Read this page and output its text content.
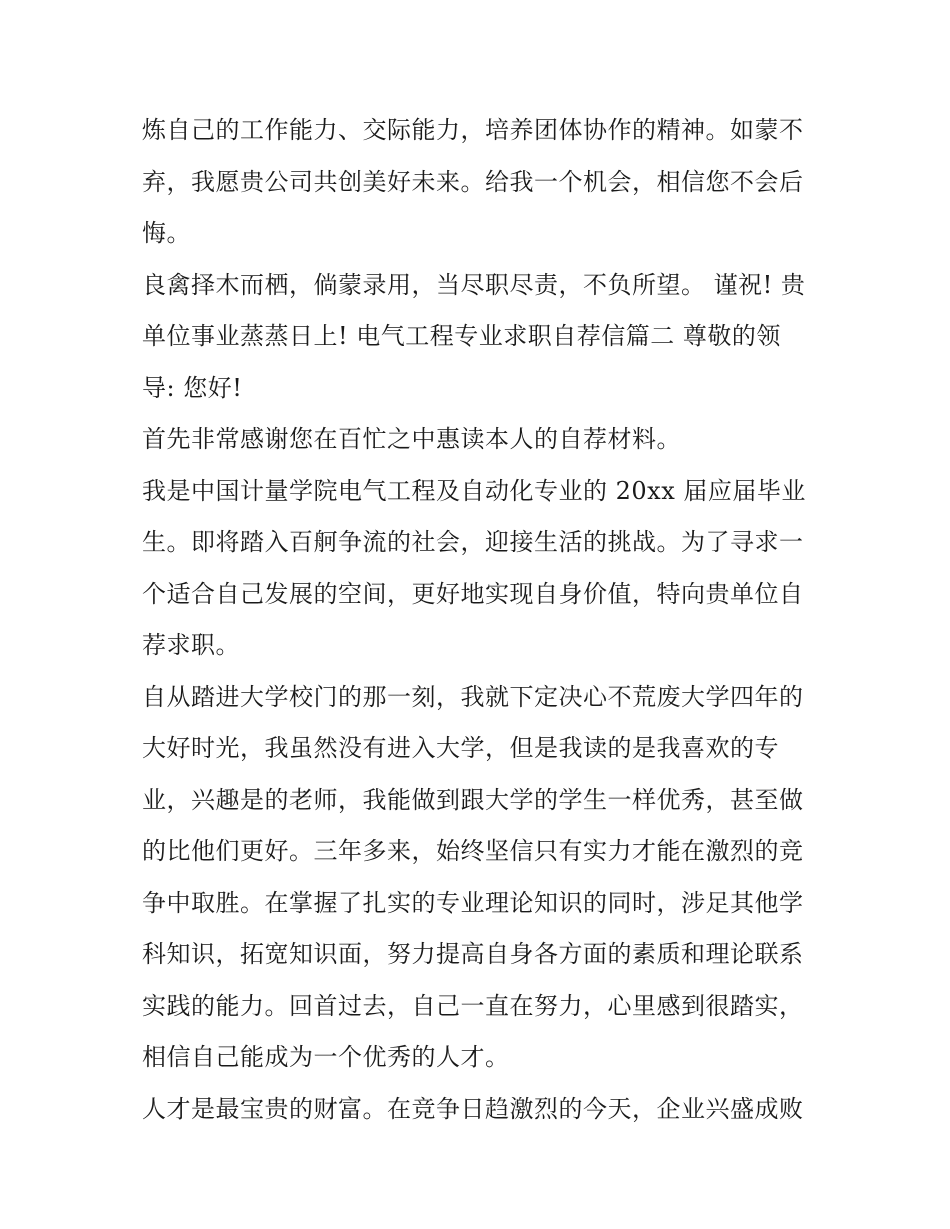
炼自己的工作能力、交际能力，培养团体协作的精神。如蒙不
弃，我愿贵公司共创美好未来。给我一个机会，相信您不会后
悔。
良禽择木而栖，倘蒙录用，当尽职尽责，不负所望。 谨祝! 贵
单位事业蒸蒸日上! 电气工程专业求职自荐信篇二 尊敬的领
导: 您好!
首先非常感谢您在百忙之中惠读本人的自荐材料。
我是中国计量学院电气工程及自动化专业的 20xx 届应届毕业
生。即将踏入百舸争流的社会，迎接生活的挑战。为了寻求一
个适合自己发展的空间，更好地实现自身价值，特向贵单位自
荐求职。
自从踏进大学校门的那一刻，我就下定决心不荒废大学四年的
大好时光，我虽然没有进入大学，但是我读的是我喜欢的专
业，兴趣是的老师，我能做到跟大学的学生一样优秀，甚至做
的比他们更好。三年多来，始终坚信只有实力才能在激烈的竞
争中取胜。在掌握了扎实的专业理论知识的同时，涉足其他学
科知识，拓宽知识面，努力提高自身各方面的素质和理论联系
实践的能力。回首过去，自己一直在努力，心里感到很踏实，
相信自己能成为一个优秀的人才。
人才是最宝贵的财富。在竞争日趋激烈的今天，企业兴盛成败
